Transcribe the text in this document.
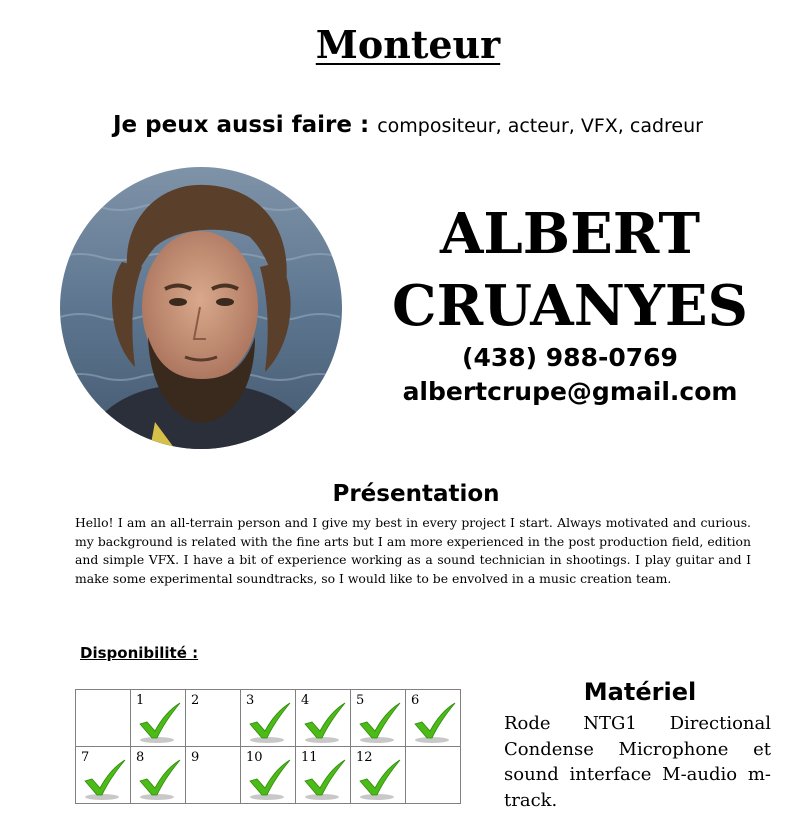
Monteur
Je peux aussi faire : compositeur, acteur, VFX, cadreur
ALBERT
CRUANYES
(438) 988-0769
albertcrupe@gmail.com
Présentation
Hello! I am an all-terrain person and I give my best in every project I start. Always motivated and curious. my background is related with the fine arts but I am more experienced in the post production field, edition and simple VFX. I have a bit of experience working as a sound technician in shootings. I play guitar and I make some experimental soundtracks, so I would like to be envolved in a music creation team.
Disponibilité :

	1	2	3	4	5	6

7	8	9	10	11	12	

Matériel
Rode NTG1 Directional Condense Microphone et sound interface M-audio m-track.
